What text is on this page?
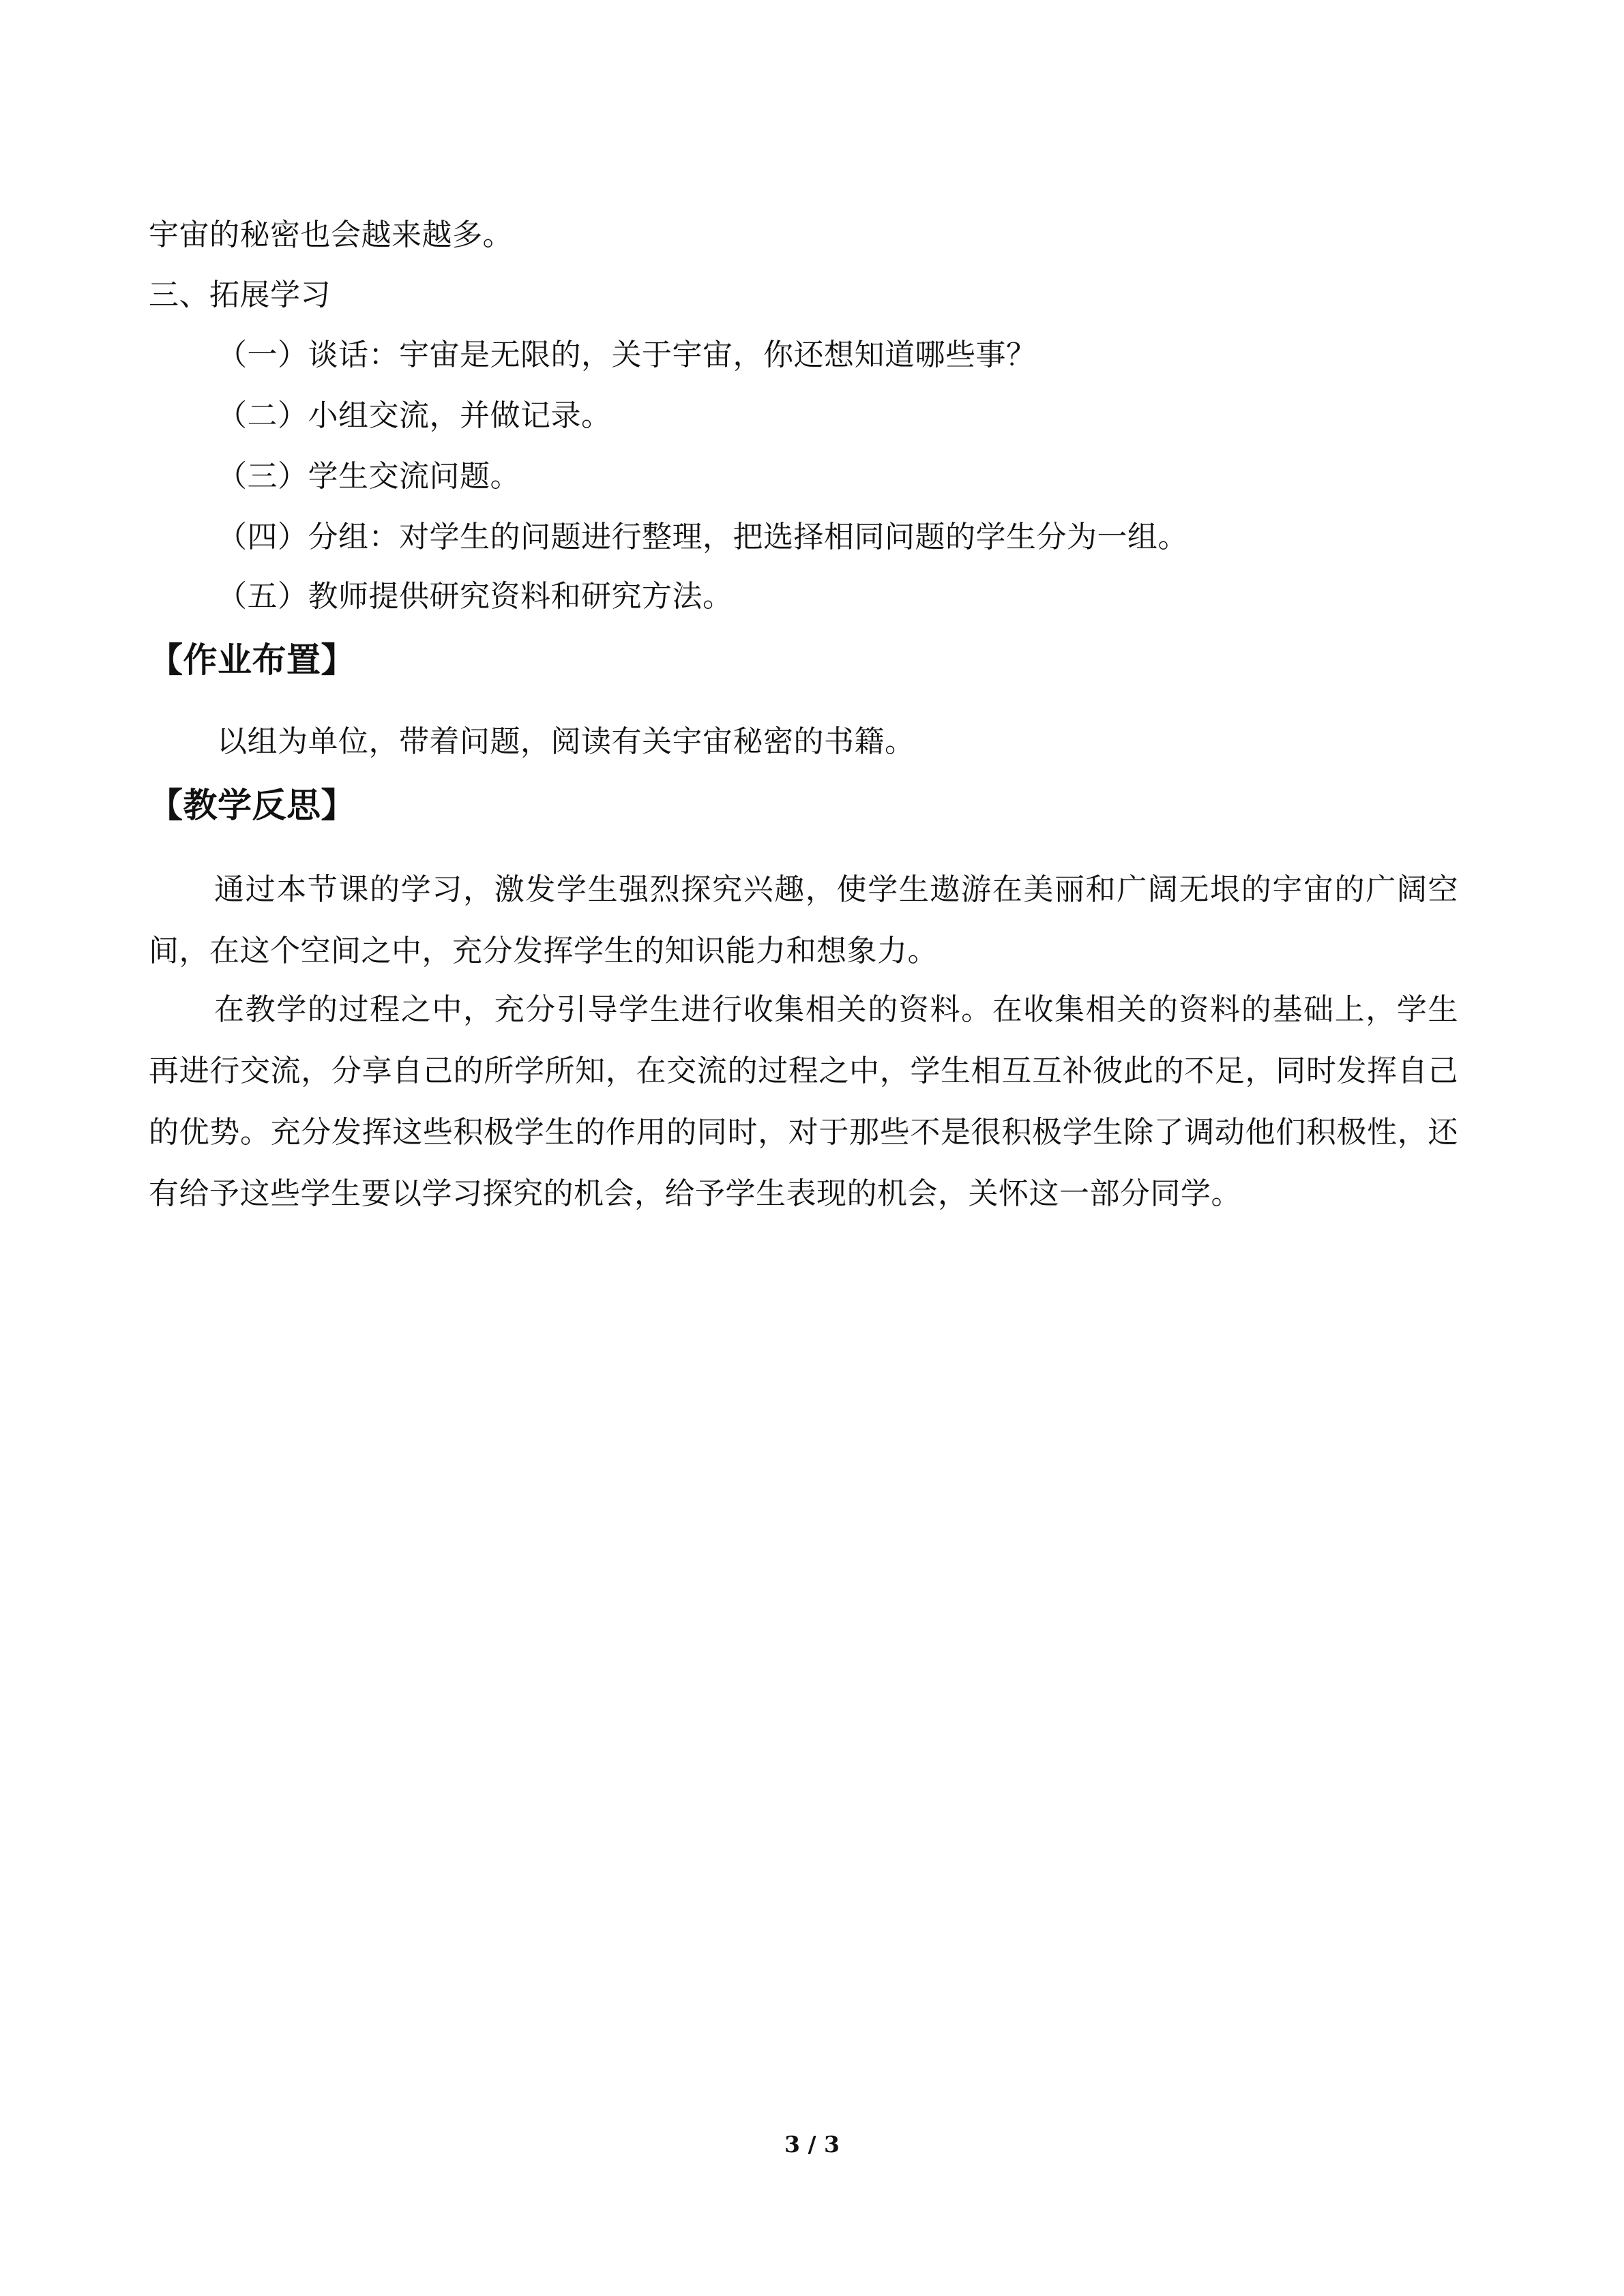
宇宙的秘密也会越来越多。

三、拓展学习

（一）谈话：宇宙是无限的，关于宇宙，你还想知道哪些事？

（二）小组交流，并做记录。

（三）学生交流问题。

（四）分组：对学生的问题进行整理，把选择相同问题的学生分为一组。

（五）教师提供研究资料和研究方法。

【作业布置】

以组为单位，带着问题，阅读有关宇宙秘密的书籍。

【教学反思】

通过本节课的学习，激发学生强烈探究兴趣，使学生遨游在美丽和广阔无垠的宇宙的广阔空间，在这个空间之中，充分发挥学生的知识能力和想象力。

在教学的过程之中，充分引导学生进行收集相关的资料。在收集相关的资料的基础上，学生再进行交流，分享自己的所学所知，在交流的过程之中，学生相互互补彼此的不足，同时发挥自己的优势。充分发挥这些积极学生的作用的同时，对于那些不是很积极学生除了调动他们积极性，还有给予这些学生要以学习探究的机会，给予学生表现的机会，关怀这一部分同学。

3 / 3
